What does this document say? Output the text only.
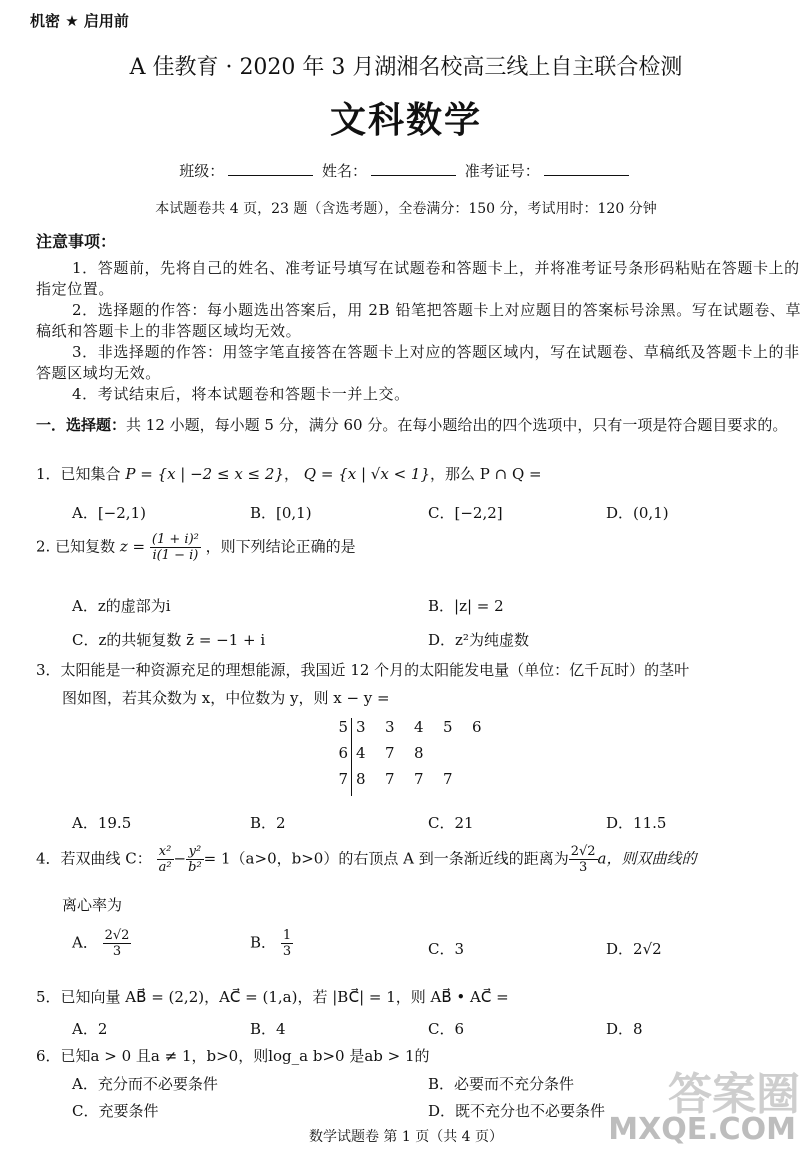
机密 ★ 启用前
A 佳教育 · 2020 年 3 月湖湘名校高三线上自主联合检测
文科数学
班级：	姓名：	准考证号：
本试题卷共 4 页，23 题（含选考题），全卷满分：150 分，考试用时：120 分钟
注意事项：

1．答题前，先将自己的姓名、准考证号填写在试题卷和答题卡上，并将准考证号条形码粘贴在答题卡上的指定位置。

2．选择题的作答：每小题选出答案后，用 2B 铅笔把答题卡上对应题目的答案标号涂黑。写在试题卷、草稿纸和答题卡上的非答题区域均无效。

3．非选择题的作答：用签字笔直接答在答题卡上对应的答题区域内，写在试题卷、草稿纸及答题卡上的非答题区域均无效。

4．考试结束后，将本试题卷和答题卡一并上交。

一．选择题：共 12 小题，每小题 5 分，满分 60 分。在每小题给出的四个选项中，只有一项是符合题目要求的。
1．已知集合 P = {x | −2 ≤ x ≤ 2}， Q = {x | √x < 1}，那么 P ∩ Q =
A．[−2,1)	B．[0,1)	C．[−2,2]	D．(0,1)
2. 已知复数 $z = \frac{\text{(1 + i)²}}{i(1 - i)}$ ，则下列结论正确的是
A．z的虚部为i	B．|z| = 2
C．z的共轭复数 z̄ = −1 + i	D．z²为纯虚数
3．太阳能是一种资源充足的理想能源，我国近 12 个月的太阳能发电量（单位：亿千瓦时）的茎叶
图如图，若其众数为 x，中位数为 y，则 x − y =
5 3	3	4	5	6
6 4	7	8
7 8	7	7	7
A．19.5	B．2	C．21	D．11.5
4．若双曲线 C： $\frac{\text{x²}}{\text{a²}} - \frac{\text{y²}}{\text{b²}} = 1(a>0$，b>0）的右顶点 A 到一条渐近线的距离为 $\frac{2√2}{3}$ a，则双曲线的
离心率为
A． $\frac{2√2}{3}$	B． $\frac{1}{3}$	C．3	D．2√2
5．已知向量 AB⃗ = (2,2)，AC⃗ = (1,a)，若 |BC⃗| = 1，则 AB⃗ • AC⃗ =
A．2	B．4	C．6	D．8
6．已知a > 0 且a ≠ 1，b>0，则log_a b>0 是ab > 1的
A．充分而不必要条件	B．必要而不充分条件
C．充要条件	D．既不充分也不必要条件 答案圈
MXQE.COM
数学试题卷 第 1 页（共 4 页）
